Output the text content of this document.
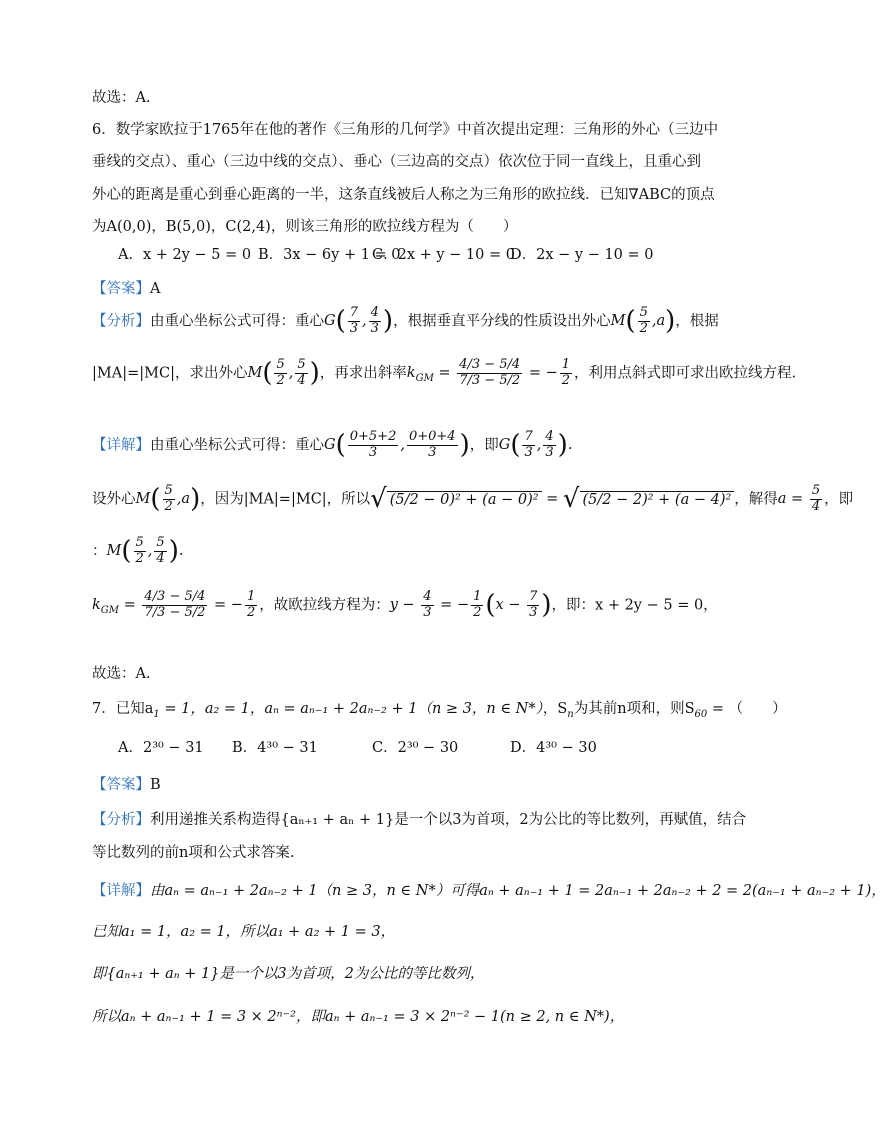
故选：A.
6．数学家欧拉于1765年在他的著作《三角形的几何学》中首次提出定理：三角形的外心（三边中
垂线的交点）、重心（三边中线的交点）、垂心（三边高的交点）依次位于同一直线上，且重心到
外心的距离是重心到垂心距离的一半，这条直线被后人称之为三角形的欧拉线．已知∇ABC的顶点
为A(0,0)，B(5,0)，C(2,4)，则该三角形的欧拉线方程为（　　）
A．x + 2y − 5 = 0 B．3x − 6y + 1 = 0
C．2x + y − 10 = 0
D．2x − y − 10 = 0
【答案】A
【分析】由重心坐标公式可得：重心$G( \frac{7}{3}$ , $\frac{4}{3}$ )，根据垂直平分线的性质设出外心$M( \frac{5}{2} ,a)$，根据
|MA|=|MC|，求出外心$M( \frac{5}{2}$ , $\frac{5}{4}$ )，再求出斜率$k_{GM} = \frac{4/3 - 5/4}{7/3 - 5/2}$ = − $\frac{1}{2}$ ，利用点斜式即可求出欧拉线方程.
【详解】由重心坐标公式可得：重心$G( \frac{0+5+2}{3}$ , $\frac{0+0+4}{3}$ )，即$G( \frac{7}{3}$ , $\frac{4}{3}$ ).
设外心$M( \frac{5}{2} ,a)$，因为|MA|=|MC|，所以√ (5/2 − 0)² + (a − 0)² = √ (5/2 − 2)² + (a − 4)² ，解得$a = \frac{5}{4}$ ，即
：$M( \frac{5}{2}$ , $\frac{5}{4}$ ).
$k_{GM} = \frac{4/3 - 5/4}{7/3 - 5/2}$ = − $\frac{1}{2}$ ，故欧拉线方程为：$y - \frac{4}{3}$ = − $\frac{1}{2} (x - \frac{7}{3}$ )，即：x + 2y − 5 = 0，
故选：A.
7．已知$a_1 = 1$，a₂ = 1，aₙ = aₙ₋₁ + 2aₙ₋₂ + 1（n ≥ 3，n ∈ N*），$S_n$为其前n项和，则$S_{60}$ = （　　）
A．2³⁰ − 31 B．4³⁰ − 31	C．2³⁰ − 30	D．4³⁰ − 30
【答案】B
【分析】利用递推关系构造得{aₙ₊₁ + aₙ + 1}是一个以3为首项，2为公比的等比数列，再赋值，结合
等比数列的前n项和公式求答案.
【详解】由aₙ = aₙ₋₁ + 2aₙ₋₂ + 1（n ≥ 3，n ∈ N*）可得aₙ + aₙ₋₁ + 1 = 2aₙ₋₁ + 2aₙ₋₂ + 2 = 2(aₙ₋₁ + aₙ₋₂ + 1)，
已知a₁ = 1，a₂ = 1，所以a₁ + a₂ + 1 = 3，
即{aₙ₊₁ + aₙ + 1}是一个以3为首项，2为公比的等比数列，
所以aₙ + aₙ₋₁ + 1 = 3 × 2ⁿ⁻²，即aₙ + aₙ₋₁ = 3 × 2ⁿ⁻² − 1(n ≥ 2, n ∈ N*)，
